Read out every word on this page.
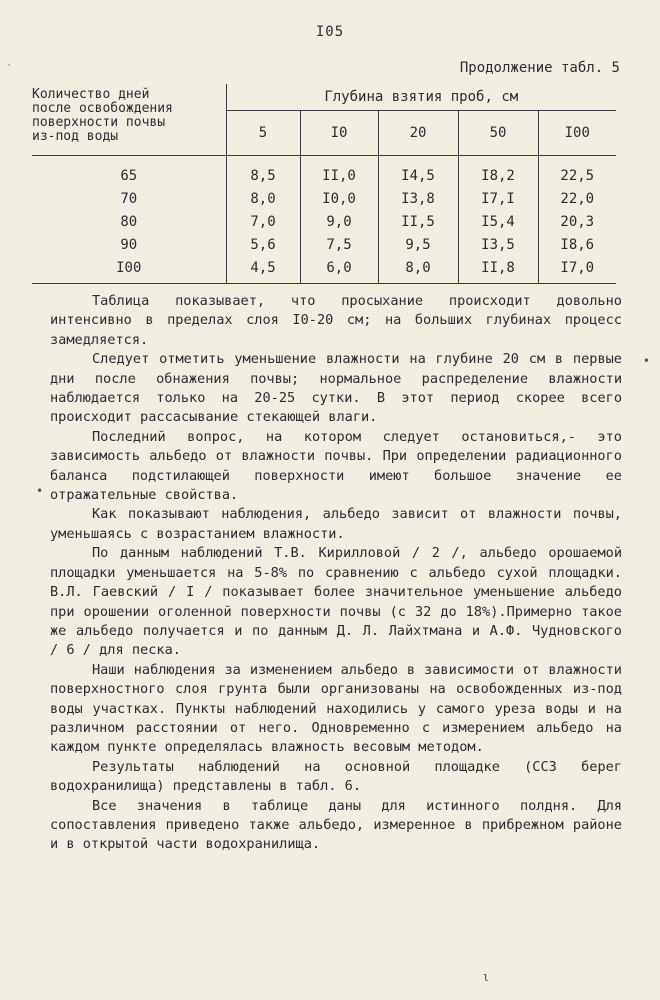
ˋ
I05
Продолжение табл. 5
Количество дней
после освобождения
поверхности почвы
из-под воды	Глубина взятия проб, см				
	5	I0	20	50	I00
65	8,5	II,0	I4,5	I8,2	22,5
70	8,0	I0,0	I3,8	I7,I	22,0
80	7,0	9,0	II,5	I5,4	20,3
90	5,6	7,5	9,5	I3,5	I8,6
I00	4,5	6,0	8,0	II,8	I7,0
•
•

Таблица показывает, что просыхание происходит довольно интенсивно в пределах слоя I0-20 см; на больших глубинах процесс замедляется.

Следует отметить уменьшение влажности на глубине 20 см в первые дни после обнажения почвы; нормальное распределение влажности наблюдается только на 20-25 сутки. В этот период скорее всего происходит рассасывание стекающей влаги.

Последний вопрос, на котором следует остановиться,- это зависимость альбедо от влажности почвы. При определении радиационного баланса подстилающей поверхности имеют большое значение ее отражательные свойства.

Как показывают наблюдения, альбедо зависит от влажности почвы, уменьшаясь с возрастанием влажности.

По данным наблюдений Т.В. Кирилловой / 2 /, альбедо орошаемой площадки уменьшается на 5-8% по сравнению с альбедо сухой площадки. В.Л. Гаевский / I / показывает более значительное уменьшение альбедо при орошении оголенной поверхности почвы (с 32 до 18%).Примерно такое же альбедо получается и по данным Д. Л. Лайхтмана и А.Ф. Чудновского / 6 / для песка.

Наши наблюдения за изменением альбедо в зависимости от влажности поверхностного слоя грунта были организованы на освобожденных из-под воды участках. Пункты наблюдений находились у самого уреза воды и на различном расстоянии от него. Одновременно с измерением альбедо на каждом пункте определялась влажность весовым методом.

Результаты наблюдений на основной площадке (ССЗ берег водохранилища) представлены в табл. 6.

Все значения в таблице даны для истинного полдня. Для сопоставления приведено также альбедо, измеренное в прибрежном районе и в открытой части водохранилища.

ι
